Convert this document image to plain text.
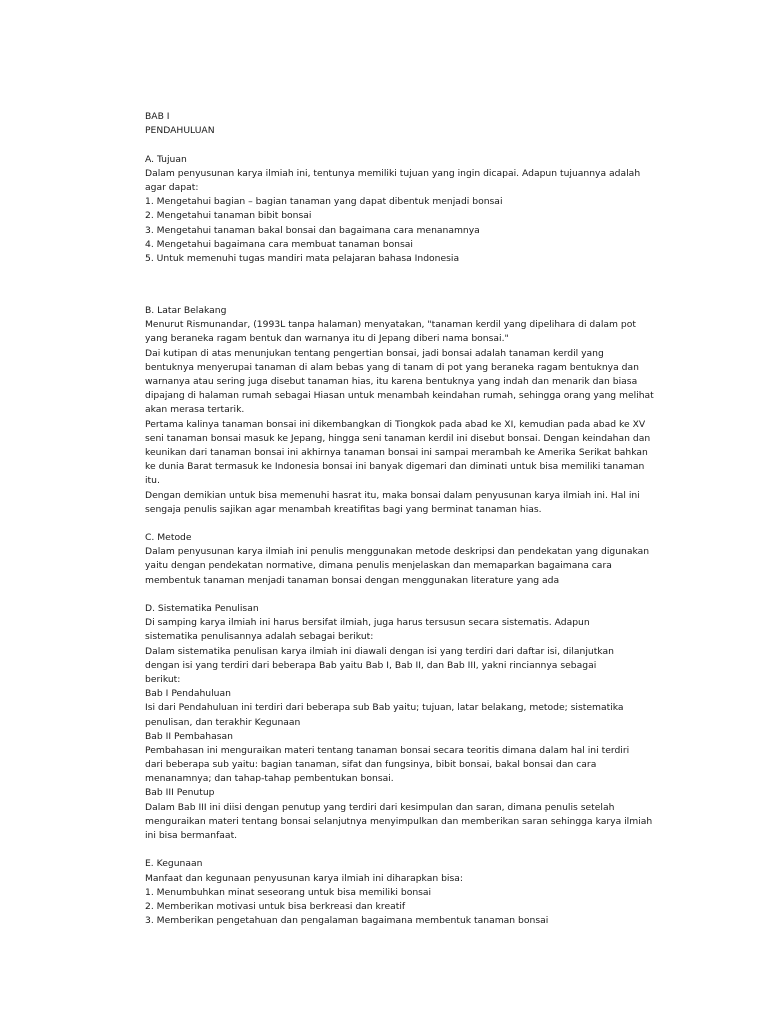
BAB I
PENDAHULUAN
A. Tujuan
Dalam penyusunan karya ilmiah ini, tentunya memiliki tujuan yang ingin dicapai. Adapun tujuannya adalah
agar dapat:
1. Mengetahui bagian – bagian tanaman yang dapat dibentuk menjadi bonsai
2. Mengetahui tanaman bibit bonsai
3. Mengetahui tanaman bakal bonsai dan bagaimana cara menanamnya
4. Mengetahui bagaimana cara membuat tanaman bonsai
5. Untuk memenuhi tugas mandiri mata pelajaran bahasa Indonesia
B. Latar Belakang
Menurut Rismunandar, (1993L tanpa halaman) menyatakan, "tanaman kerdil yang dipelihara di dalam pot
yang beraneka ragam bentuk dan warnanya itu di Jepang diberi nama bonsai."
Dai kutipan di atas menunjukan tentang pengertian bonsai, jadi bonsai adalah tanaman kerdil yang
bentuknya menyerupai tanaman di alam bebas yang di tanam di pot yang beraneka ragam bentuknya dan
warnanya atau sering juga disebut tanaman hias, itu karena bentuknya yang indah dan menarik dan biasa
dipajang di halaman rumah sebagai Hiasan untuk menambah keindahan rumah, sehingga orang yang melihat
akan merasa tertarik.
Pertama kalinya tanaman bonsai ini dikembangkan di Tiongkok pada abad ke XI, kemudian pada abad ke XV
seni tanaman bonsai masuk ke Jepang, hingga seni tanaman kerdil ini disebut bonsai. Dengan keindahan dan
keunikan dari tanaman bonsai ini akhirnya tanaman bonsai ini sampai merambah ke Amerika Serikat bahkan
ke dunia Barat termasuk ke Indonesia bonsai ini banyak digemari dan diminati untuk bisa memiliki tanaman
itu.
Dengan demikian untuk bisa memenuhi hasrat itu, maka bonsai dalam penyusunan karya ilmiah ini. Hal ini
sengaja penulis sajikan agar menambah kreatifitas bagi yang berminat tanaman hias.
C. Metode
Dalam penyusunan karya ilmiah ini penulis menggunakan metode deskripsi dan pendekatan yang digunakan
yaitu dengan pendekatan normative, dimana penulis menjelaskan dan memaparkan bagaimana cara
membentuk tanaman menjadi tanaman bonsai dengan menggunakan literature yang ada
D. Sistematika Penulisan
Di samping karya ilmiah ini harus bersifat ilmiah, juga harus tersusun secara sistematis. Adapun
sistematika penulisannya adalah sebagai berikut:
Dalam sistematika penulisan karya ilmiah ini diawali dengan isi yang terdiri dari daftar isi, dilanjutkan
dengan isi yang terdiri dari beberapa Bab yaitu Bab I, Bab II, dan Bab III, yakni rinciannya sebagai
berikut:
Bab I Pendahuluan
Isi dari Pendahuluan ini terdiri dari beberapa sub Bab yaitu; tujuan, latar belakang, metode; sistematika
penulisan, dan terakhir Kegunaan
Bab II Pembahasan
Pembahasan ini menguraikan materi tentang tanaman bonsai secara teoritis dimana dalam hal ini terdiri
dari beberapa sub yaitu: bagian tanaman, sifat dan fungsinya, bibit bonsai, bakal bonsai dan cara
menanamnya; dan tahap-tahap pembentukan bonsai.
Bab III Penutup
Dalam Bab III ini diisi dengan penutup yang terdiri dari kesimpulan dan saran, dimana penulis setelah
menguraikan materi tentang bonsai selanjutnya menyimpulkan dan memberikan saran sehingga karya ilmiah
ini bisa bermanfaat.
E. Kegunaan
Manfaat dan kegunaan penyusunan karya ilmiah ini diharapkan bisa:
1. Menumbuhkan minat seseorang untuk bisa memiliki bonsai
2. Memberikan motivasi untuk bisa berkreasi dan kreatif
3. Memberikan pengetahuan dan pengalaman bagaimana membentuk tanaman bonsai
